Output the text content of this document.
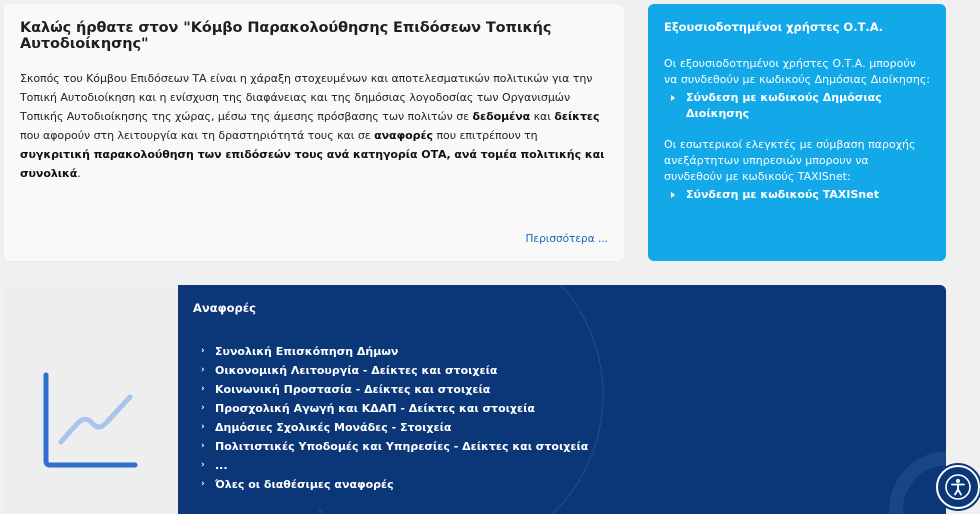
Καλώς ήρθατε στον "Κόμβο Παρακολούθησης Επιδόσεων Τοπικής Αυτοδιοίκησης"

Σκοπός του Κόμβου Επιδόσεων ΤΑ είναι η χάραξη στοχευμένων και αποτελεσματικών πολιτικών για την Τοπική Αυτοδιοίκηση και η ενίσχυση της διαφάνειας και της δημόσιας λογοδοσίας των Οργανισμών Τοπικής Αυτοδιοίκησης της χώρας, μέσω της άμεσης πρόσβασης των πολιτών σε δεδομένα και δείκτες που αφορούν στη λειτουργία και τη δραστηριότητά τους και σε αναφορές που επιτρέπουν τη συγκριτική παρακολούθηση των επιδόσεών τους ανά κατηγορία ΟΤΑ, ανά τομέα πολιτικής και συνολικά.

Περισσότερα ...
Εξουσιοδοτημένοι χρήστες Ο.Τ.Α.
Οι εξουσιοδοτημένοι χρήστες Ο.Τ.Α. μπορούν να συνδεθούν με κωδικούς Δημόσιας Διοίκησης:
Σύνδεση με κωδικούς Δημόσιας Διοίκησης
Οι εσωτερικοί ελεγκτές με σύμβαση παροχής ανεξάρτητων υπηρεσιών μπορουν να συνδεθούν με κωδικούς TAXISnet:
Σύνδεση με κωδικούς TAXISnet
Αναφορές
› Συνολική Επισκόπηση Δήμων
› Οικονομική Λειτουργία - Δείκτες και στοιχεία
› Κοινωνική Προστασία - Δείκτες και στοιχεία
› Προσχολική Αγωγή και ΚΔΑΠ - Δείκτες και στοιχεία
› Δημόσιες Σχολικές Μονάδες - Στοιχεία
› Πολιτιστικές Υποδομές και Υπηρεσίες - Δείκτες και στοιχεία
› ...
› Όλες οι διαθέσιμες αναφορές
